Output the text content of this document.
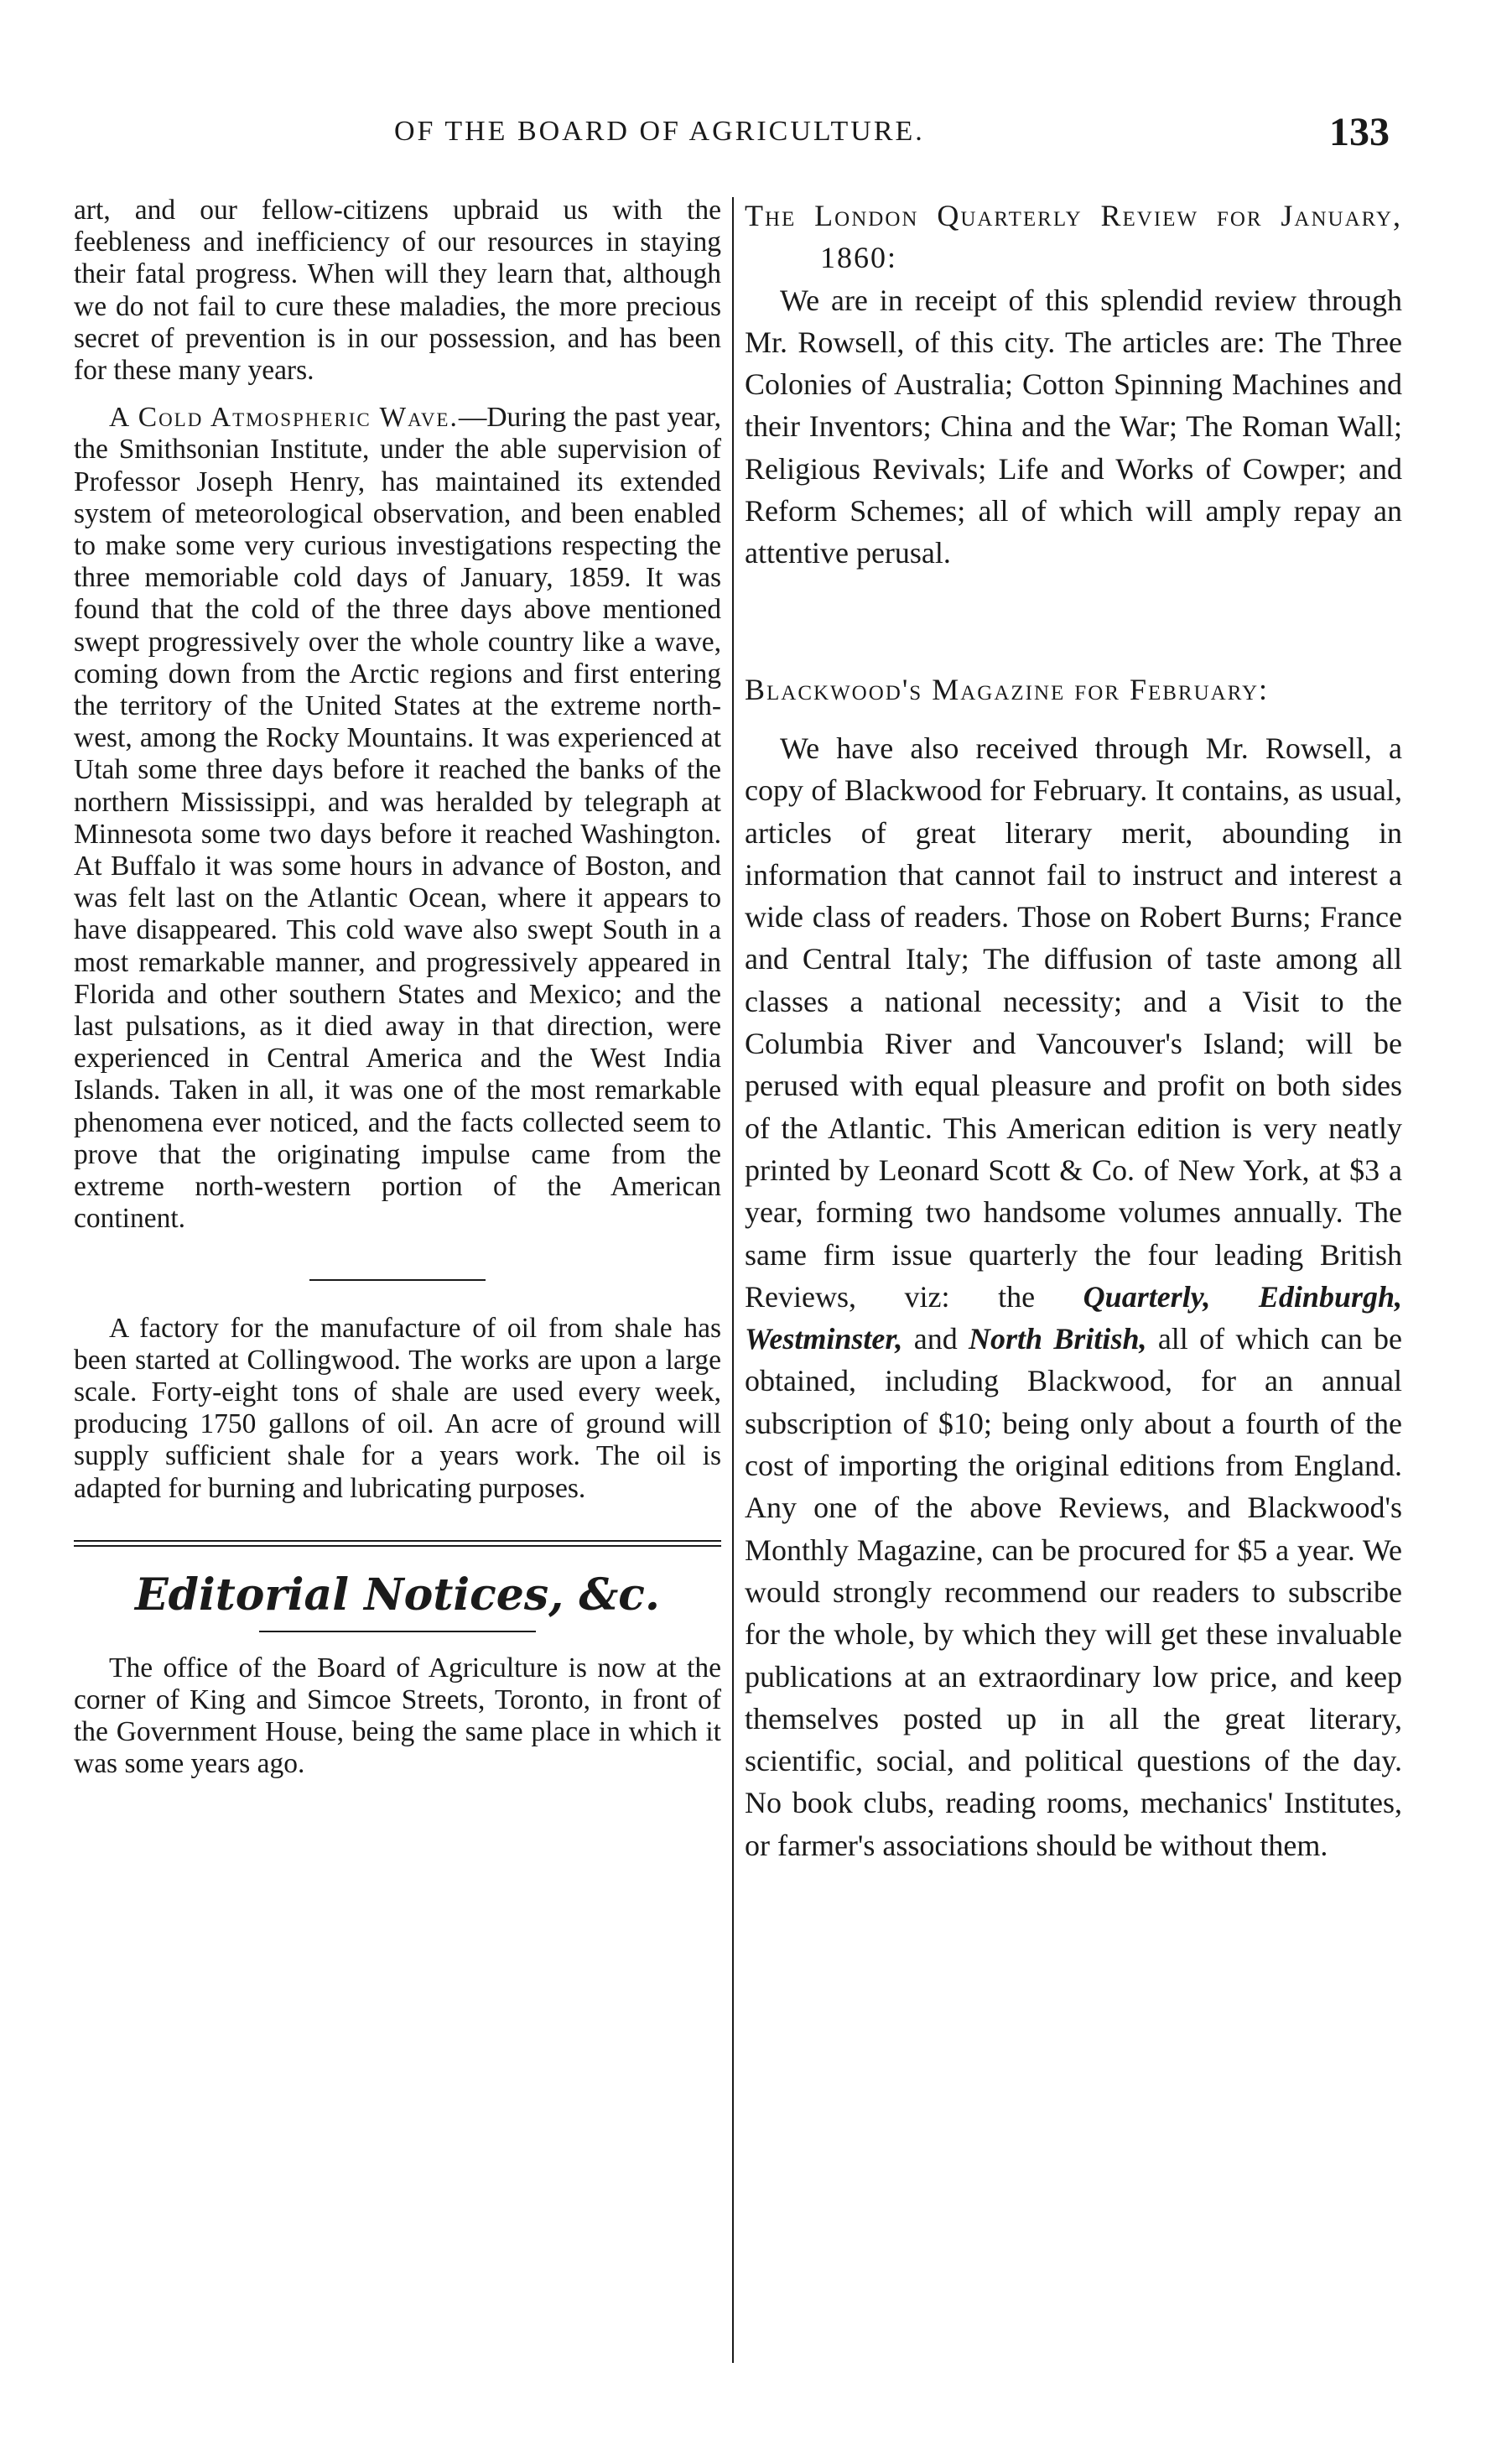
OF THE BOARD OF AGRICULTURE.	133

art, and our fellow-citizens upbraid us with the feebleness and inefficiency of our resources in staying their fatal progress. When will they learn that, although we do not fail to cure these maladies, the more precious secret of prevention is in our possession, and has been for these many years.

A Cold Atmospheric Wave.—During the past year, the Smithsonian Institute, under the able supervision of Professor Joseph Henry, has maintained its extended system of meteorological observation, and been enabled to make some very curious investigations respecting the three memoriable cold days of January, 1859. It was found that the cold of the three days above mentioned swept progressively over the whole country like a wave, coming down from the Arctic regions and first entering the territory of the United States at the extreme north-west, among the Rocky Mountains. It was experienced at Utah some three days before it reached the banks of the northern Mississippi, and was heralded by telegraph at Minnesota some two days before it reached Washington. At Buffalo it was some hours in advance of Boston, and was felt last on the Atlantic Ocean, where it appears to have disappeared. This cold wave also swept South in a most remarkable manner, and progressively appeared in Florida and other southern States and Mexico; and the last pulsations, as it died away in that direction, were experienced in Central America and the West India Islands. Taken in all, it was one of the most remarkable phenomena ever noticed, and the facts collected seem to prove that the originating impulse came from the extreme north-western portion of the American continent.

A factory for the manufacture of oil from shale has been started at Collingwood. The works are upon a large scale. Forty-eight tons of shale are used every week, producing 1750 gallons of oil. An acre of ground will supply sufficient shale for a years work. The oil is adapted for burning and lubricating purposes.

Editorial Notices, &c.

The office of the Board of Agriculture is now at the corner of King and Simcoe Streets, Toronto, in front of the Government House, being the same place in which it was some years ago.

The London Quarterly Review for January, 1860:

We are in receipt of this splendid review through Mr. Rowsell, of this city. The articles are: The Three Colonies of Australia; Cotton Spinning Machines and their Inventors; China and the War; The Roman Wall; Religious Revivals; Life and Works of Cowper; and Reform Schemes; all of which will amply repay an attentive perusal.

Blackwood's Magazine for February:

We have also received through Mr. Rowsell, a copy of Blackwood for February. It contains, as usual, articles of great literary merit, abounding in information that cannot fail to instruct and interest a wide class of readers. Those on Robert Burns; France and Central Italy; The diffusion of taste among all classes a national necessity; and a Visit to the Columbia River and Vancouver's Island; will be perused with equal pleasure and profit on both sides of the Atlantic. This American edition is very neatly printed by Leonard Scott & Co. of New York, at $3 a year, forming two handsome volumes annually. The same firm issue quarterly the four leading British Reviews, viz: the Quarterly, Edinburgh, Westminster, and North British, all of which can be obtained, including Blackwood, for an annual subscription of $10; being only about a fourth of the cost of importing the original editions from England. Any one of the above Reviews, and Blackwood's Monthly Magazine, can be procured for $5 a year. We would strongly recommend our readers to subscribe for the whole, by which they will get these invaluable publications at an extraordinary low price, and keep themselves posted up in all the great literary, scientific, social, and political questions of the day. No book clubs, reading rooms, mechanics' Institutes, or farmer's associations should be without them.
